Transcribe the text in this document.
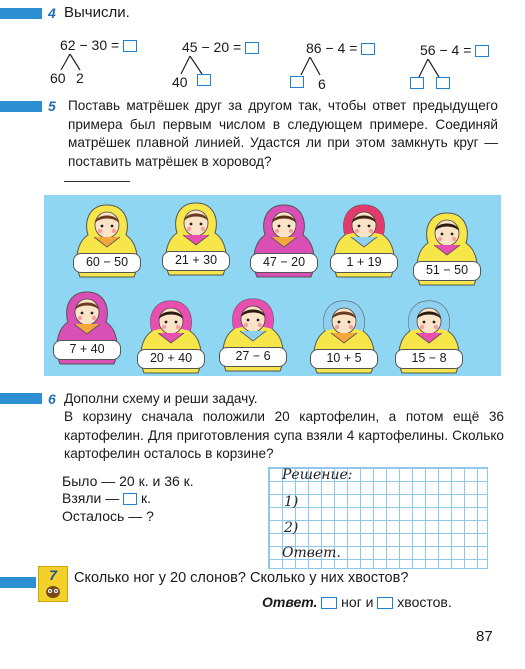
4 Вычисли.
62 − 30 =
60 2
45 − 20 =
40
86 − 4 =
6
56 − 4 =
5 Поставь матрёшек друг за другом так, чтобы ответ предыдущего примера был первым числом в следующем примере. Соединяй матрёшек плавной линией. Удастся ли при этом замкнуть круг — поставить матрёшек в хоровод?
60 − 50	21 + 30	47 − 20	1 + 19
51 − 50
7 + 40
20 + 40	27 − 6	10 + 5	15 − 8
6 Дополни схему и реши задачу.
В корзину сначала положили 20 картофелин, а потом ещё 36 картофелин. Для приготовления супа взяли 4 картофелины. Сколько картофелин осталось в корзине?
Было — 20 к. и 36 к.
Взяли — к.
Осталось — ?
Решение:
1)
2)
Ответ.
7	Сколько ног у 20 слонов? Сколько у них хвостов?
Ответ. ног и хвостов.
87
